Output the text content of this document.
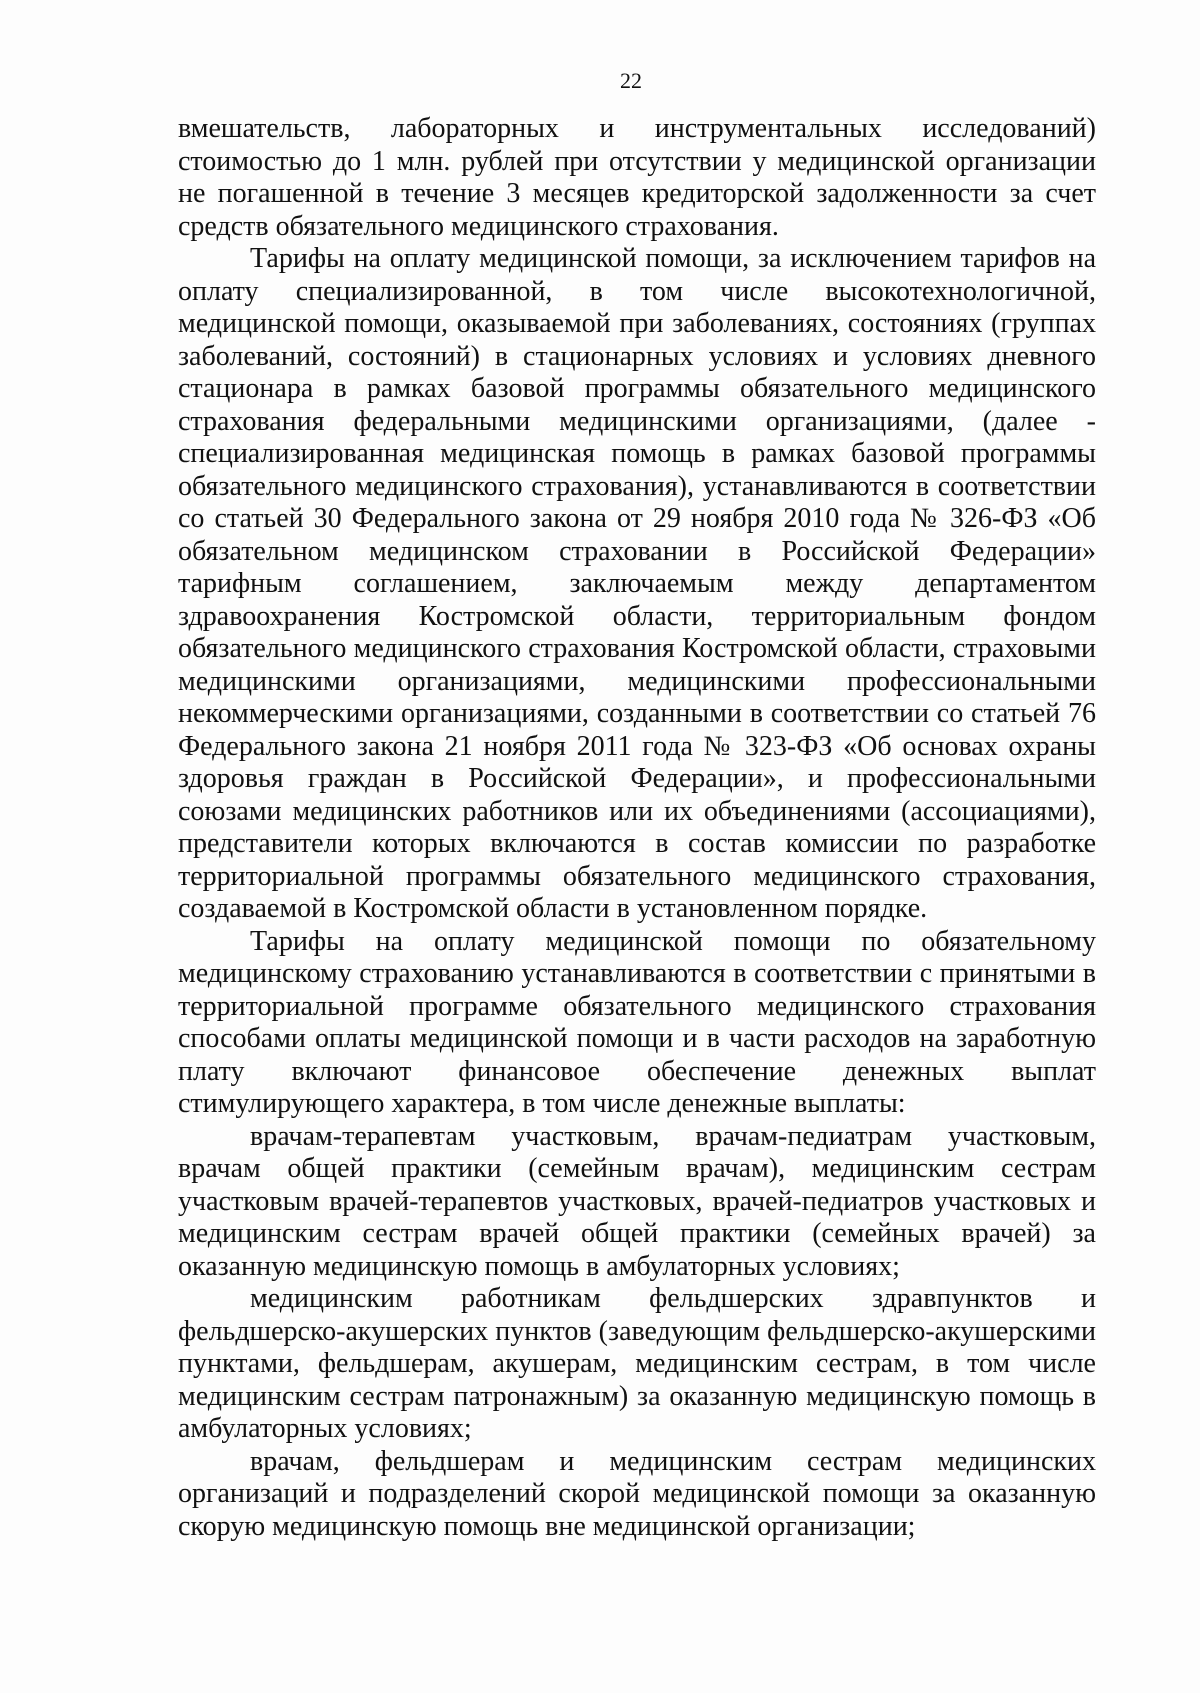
22

вмешательств, лабораторных и инструментальных исследований) стоимостью до 1 млн. рублей при отсутствии у медицинской организации не погашенной в течение 3 месяцев кредиторской задолженности за счет средств обязательного медицинского страхования.

Тарифы на оплату медицинской помощи, за исключением тарифов на оплату специализированной, в том числе высокотехнологичной, медицинской помощи, оказываемой при заболеваниях, состояниях (группах заболеваний, состояний) в стационарных условиях и условиях дневного стационара в рамках базовой программы обязательного медицинского страхования федеральными медицинскими организациями, (далее - специализированная медицинская помощь в рамках базовой программы обязательного медицинского страхования), устанавливаются в соответствии со статьей 30 Федерального закона от 29 ноября 2010 года № 326-ФЗ «Об обязательном медицинском страховании в Российской Федерации» тарифным соглашением, заключаемым между департаментом здравоохранения Костромской области, территориальным фондом обязательного медицинского страхования Костромской области, страховыми медицинскими организациями, медицинскими профессиональными некоммерческими организациями, созданными в соответствии со статьей 76 Федерального закона 21 ноября 2011 года № 323-ФЗ «Об основах охраны здоровья граждан в Российской Федерации», и профессиональными союзами медицинских работников или их объединениями (ассоциациями), представители которых включаются в состав комиссии по разработке территориальной программы обязательного медицинского страхования, создаваемой в Костромской области в установленном порядке.

Тарифы на оплату медицинской помощи по обязательному медицинскому страхованию устанавливаются в соответствии с принятыми в территориальной программе обязательного медицинского страхования способами оплаты медицинской помощи и в части расходов на заработную плату включают финансовое обеспечение денежных выплат стимулирующего характера, в том числе денежные выплаты:

врачам-терапевтам участковым, врачам-педиатрам участковым, врачам общей практики (семейным врачам), медицинским сестрам участковым врачей-терапевтов участковых, врачей-педиатров участковых и медицинским сестрам врачей общей практики (семейных врачей) за оказанную медицинскую помощь в амбулаторных условиях;

медицинским работникам фельдшерских здравпунктов и фельдшерско-акушерских пунктов (заведующим фельдшерско-акушерскими пунктами, фельдшерам, акушерам, медицинским сестрам, в том числе медицинским сестрам патронажным) за оказанную медицинскую помощь в амбулаторных условиях;

врачам, фельдшерам и медицинским сестрам медицинских организаций и подразделений скорой медицинской помощи за оказанную скорую медицинскую помощь вне медицинской организации;
